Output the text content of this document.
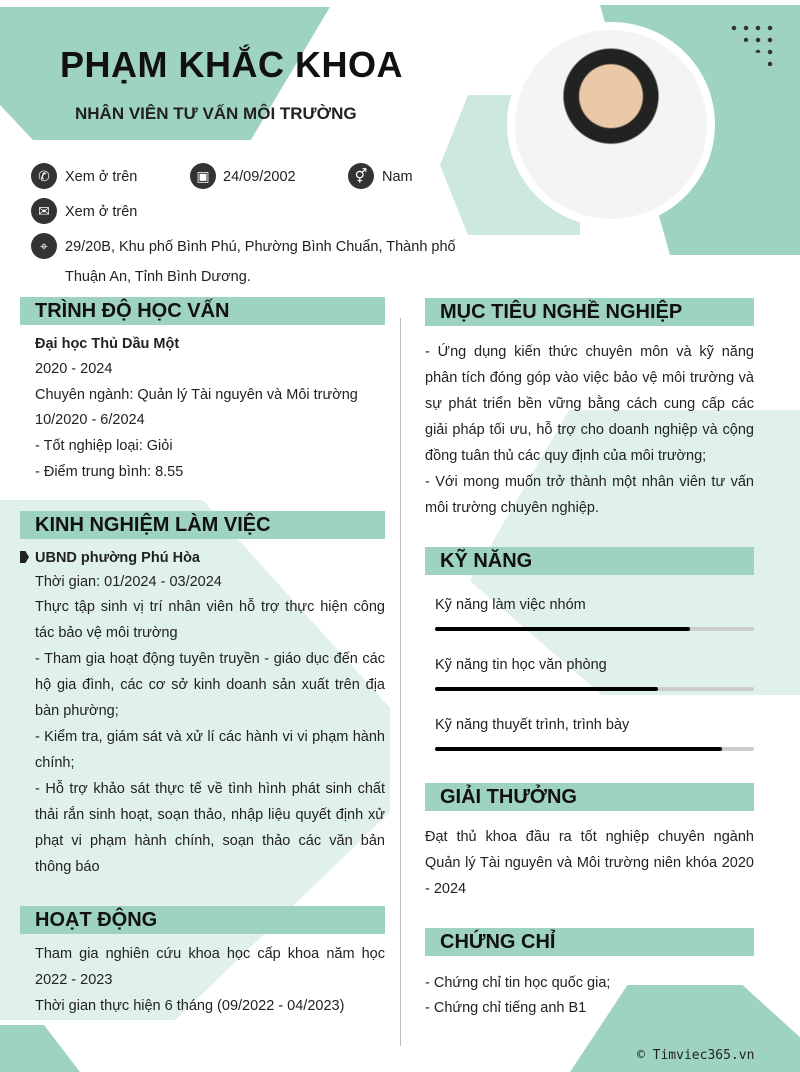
PHẠM KHẮC KHOA
NHÂN VIÊN TƯ VẤN MÔI TRƯỜNG
✆	Xem ở trên	▣ 24/09/2002	⚥	Nam
✉	Xem ở trên
⌖	29/20B, Khu phố Bình Phú, Phường Bình Chuẩn, Thành phố
Thuận An, Tỉnh Bình Dương.
TRÌNH ĐỘ HỌC VẤN
Đại học Thủ Dầu Một
2020 - 2024
Chuyên ngành: Quản lý Tài nguyên và Môi trường
10/2020 - 6/2024
- Tốt nghiệp loại: Giỏi
- Điểm trung bình: 8.55
KINH NGHIỆM LÀM VIỆC
UBND phường Phú Hòa
Thời gian: 01/2024 - 03/2024
Thực tập sinh vị trí nhân viên hỗ trợ thực hiện công tác bảo vệ môi trường
- Tham gia hoạt động tuyên truyền - giáo dục đến các hộ gia đình, các cơ sở kinh doanh sản xuất trên địa bàn phường;
- Kiểm tra, giám sát và xử lí các hành vi vi phạm hành chính;
- Hỗ trợ khảo sát thực tế về tình hình phát sinh chất thải rắn sinh hoạt, soạn thảo, nhập liệu quyết định xử phạt vi phạm hành chính, soạn thảo các văn bản thông báo
HOẠT ĐỘNG
Tham gia nghiên cứu khoa học cấp khoa năm học 2022 - 2023
Thời gian thực hiện 6 tháng (09/2022 - 04/2023)
MỤC TIÊU NGHỀ NGHIỆP
- Ứng dụng kiến thức chuyên môn và kỹ năng phân tích đóng góp vào việc bảo vệ môi trường và sự phát triển bền vững bằng cách cung cấp các giải pháp tối ưu, hỗ trợ cho doanh nghiệp và cộng đồng tuân thủ các quy định của môi trường;
- Với mong muốn trở thành một nhân viên tư vấn môi trường chuyên nghiệp.
KỸ NĂNG
Kỹ năng làm việc nhóm
Kỹ năng tin học văn phòng
Kỹ năng thuyết trình, trình bày
GIẢI THƯỞNG
Đạt thủ khoa đầu ra tốt nghiệp chuyên ngành Quản lý Tài nguyên và Môi trường niên khóa 2020 - 2024
CHỨNG CHỈ
- Chứng chỉ tin học quốc gia;
- Chứng chỉ tiếng anh B1
© Timviec365.vn
